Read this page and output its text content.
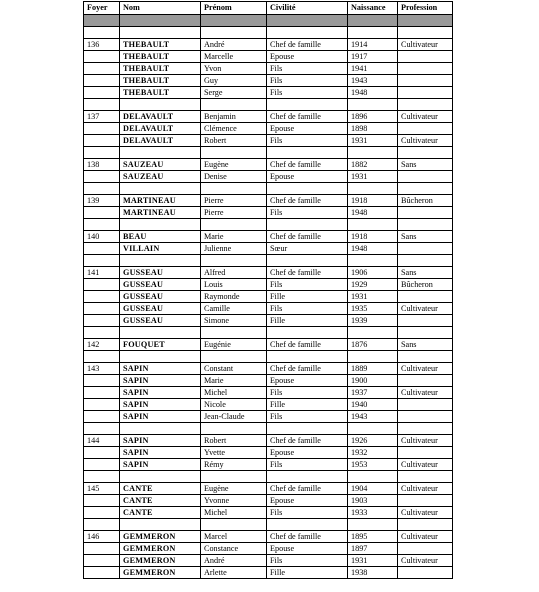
Foyer	Nom	Prénom	Civilité	Naissance	Profession

136	THEBAULT	André	Chef de famille	1914	Cultivateur
	THEBAULT	Marcelle	Epouse	1917	
	THEBAULT	Yvon	Fils	1941	
	THEBAULT	Guy	Fils	1943	
	THEBAULT	Serge	Fils	1948	

137	DELAVAULT	Benjamin	Chef de famille	1896	Cultivateur
	DELAVAULT	Clémence	Epouse	1898	
	DELAVAULT	Robert	Fils	1931	Cultivateur

138	SAUZEAU	Eugène	Chef de famille	1882	Sans
	SAUZEAU	Denise	Epouse	1931	

139	MARTINEAU	Pierre	Chef de famille	1918	Bûcheron
	MARTINEAU	Pierre	Fils	1948	

140	BEAU	Marie	Chef de famille	1918	Sans
	VILLAIN	Julienne	Sœur	1948	

141	GUSSEAU	Alfred	Chef de famille	1906	Sans
	GUSSEAU	Louis	Fils	1929	Bûcheron
	GUSSEAU	Raymonde	Fille	1931	
	GUSSEAU	Camille	Fils	1935	Cultivateur
	GUSSEAU	Simone	Fille	1939	

142	FOUQUET	Eugénie	Chef de famille	1876	Sans

143	SAPIN	Constant	Chef de famille	1889	Cultivateur
	SAPIN	Marie	Epouse	1900	
	SAPIN	Michel	Fils	1937	Cultivateur
	SAPIN	Nicole	Fille	1940	
	SAPIN	Jean-Claude	Fils	1943	

144	SAPIN	Robert	Chef de famille	1926	Cultivateur
	SAPIN	Yvette	Epouse	1932	
	SAPIN	Rémy	Fils	1953	Cultivateur

145	CANTE	Eugène	Chef de famille	1904	Cultivateur
	CANTE	Yvonne	Epouse	1903	
	CANTE	Michel	Fils	1933	Cultivateur

146	GEMMERON	Marcel	Chef de famille	1895	Cultivateur
	GEMMERON	Constance	Epouse	1897	
	GEMMERON	André	Fils	1931	Cultivateur
	GEMMERON	Arlette	Fille	1938	
